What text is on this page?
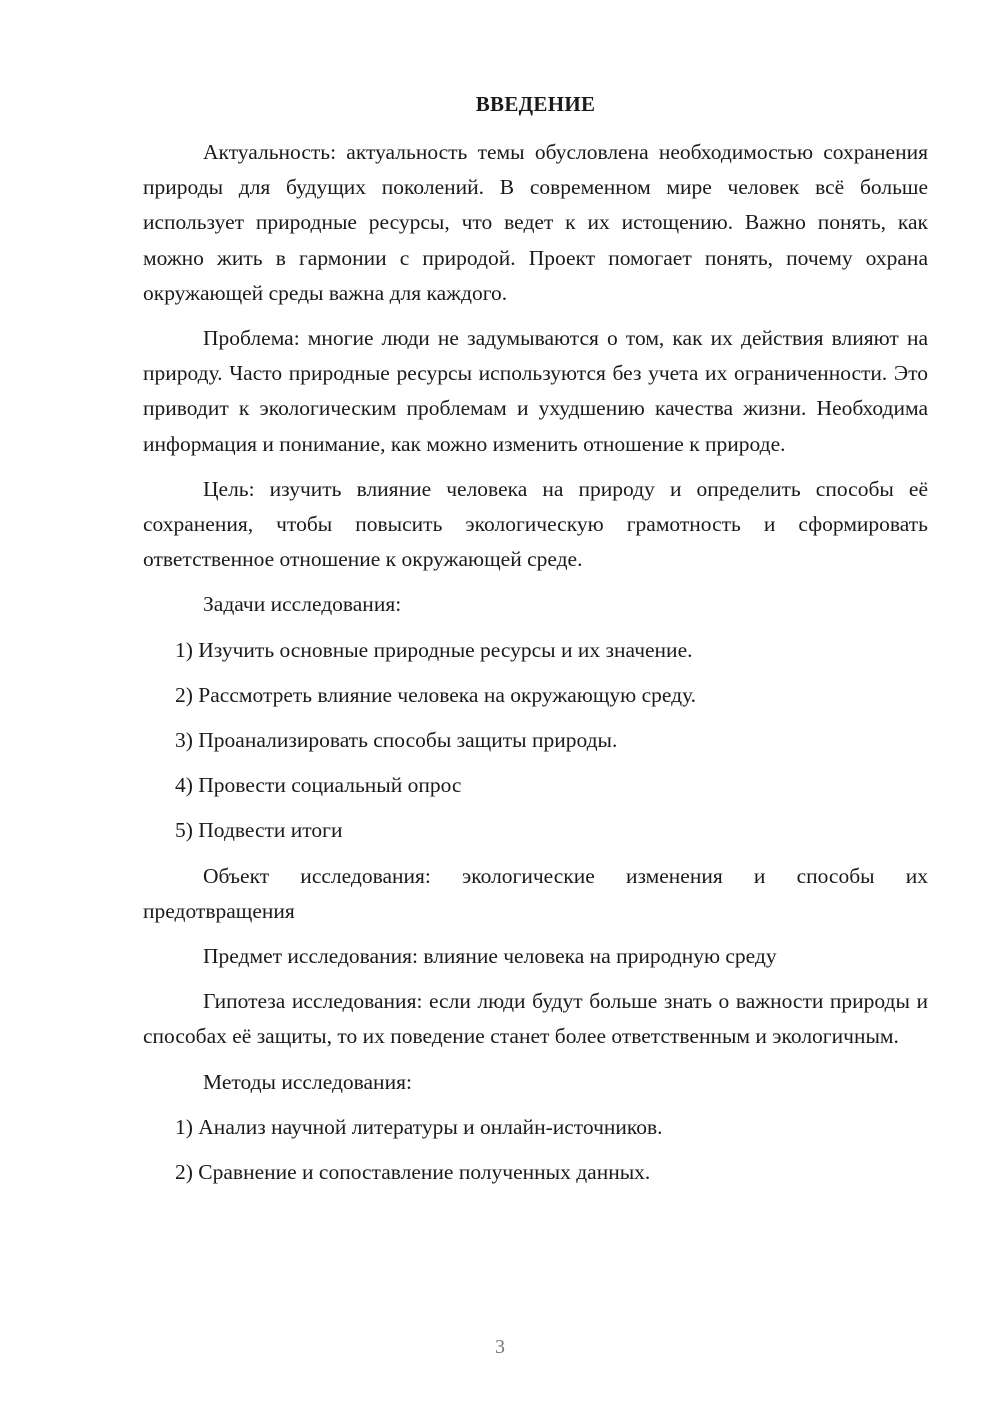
ВВЕДЕНИЕ

Актуальность: актуальность темы обусловлена необходимостью сохранения природы для будущих поколений. В современном мире человек всё больше использует природные ресурсы, что ведет к их истощению. Важно понять, как можно жить в гармонии с природой. Проект помогает понять, почему охрана окружающей среды важна для каждого.

Проблема: многие люди не задумываются о том, как их действия влияют на природу. Часто природные ресурсы используются без учета их ограниченности. Это приводит к экологическим проблемам и ухудшению качества жизни. Необходима информация и понимание, как можно изменить отношение к природе.

Цель: изучить влияние человека на природу и определить способы её сохранения, чтобы повысить экологическую грамотность и сформировать ответственное отношение к окружающей среде.

Задачи исследования:

1) Изучить основные природные ресурсы и их значение.

2) Рассмотреть влияние человека на окружающую среду.

3) Проанализировать способы защиты природы.

4) Провести социальный опрос

5) Подвести итоги

Объект исследования: экологические изменения и способы их предотвращения

Предмет исследования: влияние человека на природную среду

Гипотеза исследования: если люди будут больше знать о важности природы и способах её защиты, то их поведение станет более ответственным и экологичным.

Методы исследования:

1) Анализ научной литературы и онлайн-источников.

2) Сравнение и сопоставление полученных данных.

3
